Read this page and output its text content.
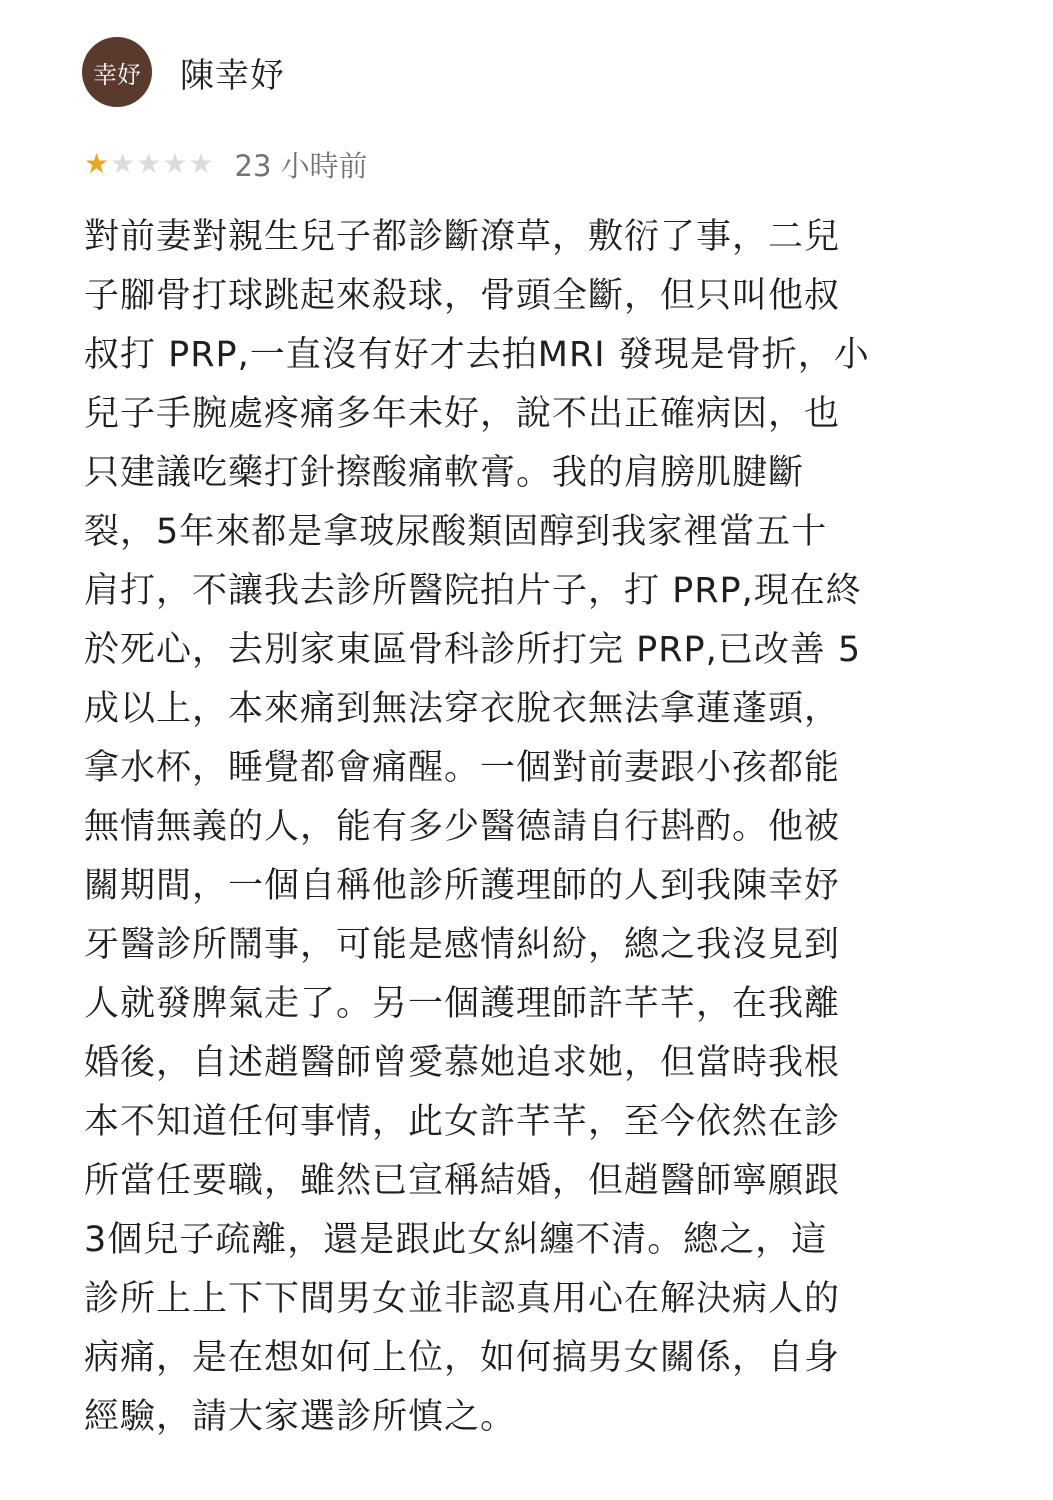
幸妤	陳幸妤
★ ★ ★ ★ ★ 23 小時前
對前妻對親生兒子都診斷潦草，敷衍了事，二兒
子腳骨打球跳起來殺球，骨頭全斷，但只叫他叔
叔打 PRP,一直沒有好才去拍MRI 發現是骨折，小
兒子手腕處疼痛多年未好，說不出正確病因，也
只建議吃藥打針擦酸痛軟膏。我的肩膀肌腱斷
裂，5年來都是拿玻尿酸類固醇到我家裡當五十
肩打，不讓我去診所醫院拍片子，打 PRP,現在終
於死心，去別家東區骨科診所打完 PRP,已改善 5
成以上，本來痛到無法穿衣脫衣無法拿蓮蓬頭，
拿水杯，睡覺都會痛醒。一個對前妻跟小孩都能
無情無義的人，能有多少醫德請自行斟酌。他被
關期間，一個自稱他診所護理師的人到我陳幸妤
牙醫診所鬧事，可能是感情糾紛，總之我沒見到
人就發脾氣走了。另一個護理師許芊芊，在我離
婚後，自述趙醫師曾愛慕她追求她，但當時我根
本不知道任何事情，此女許芊芊，至今依然在診
所當任要職，雖然已宣稱結婚，但趙醫師寧願跟
3個兒子疏離，還是跟此女糾纏不清。總之，這
診所上上下下間男女並非認真用心在解決病人的
病痛，是在想如何上位，如何搞男女關係，自身
經驗，請大家選診所慎之。
